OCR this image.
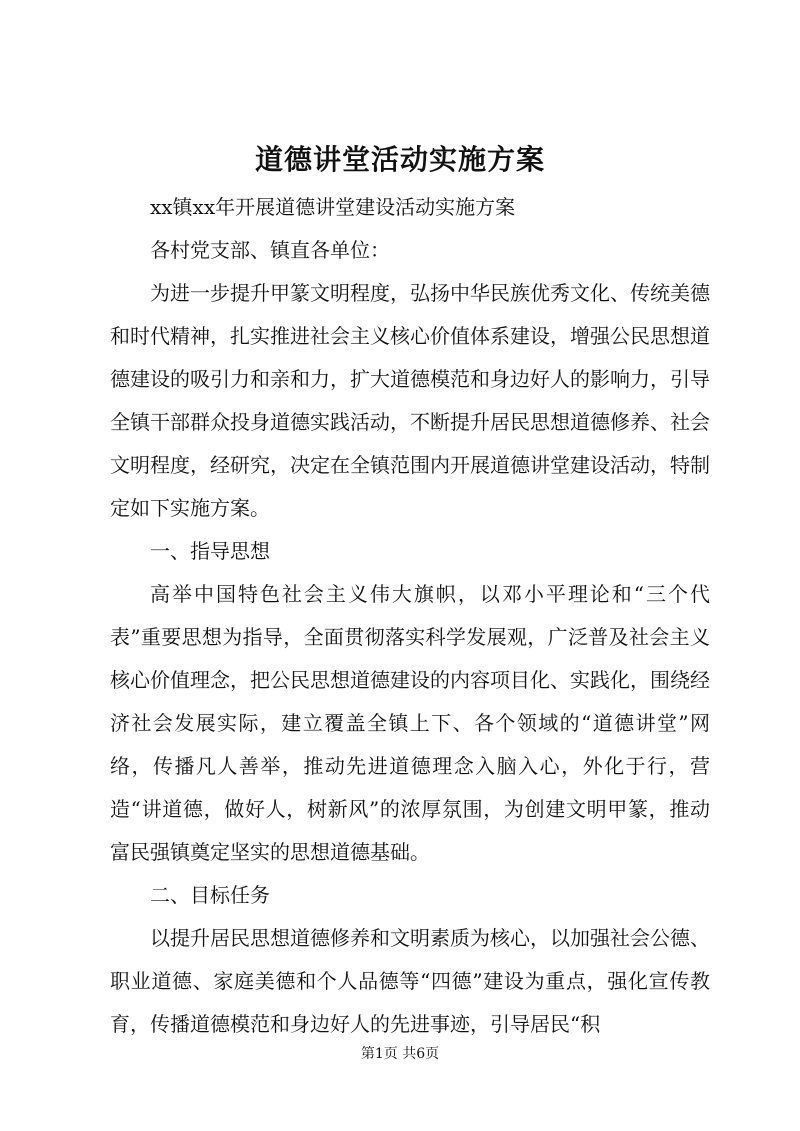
道德讲堂活动实施方案

xx镇xx年开展道德讲堂建设活动实施方案

各村党支部、镇直各单位：

为进一步提升甲篆文明程度，弘扬中华民族优秀文化、传统美德和时代精神，扎实推进社会主义核心价值体系建设，增强公民思想道德建设的吸引力和亲和力，扩大道德模范和身边好人的影响力，引导全镇干部群众投身道德实践活动，不断提升居民思想道德修养、社会文明程度，经研究，决定在全镇范围内开展道德讲堂建设活动，特制定如下实施方案。

一、指导思想

高举中国特色社会主义伟大旗帜，以邓小平理论和“三个代表”重要思想为指导，全面贯彻落实科学发展观，广泛普及社会主义核心价值理念，把公民思想道德建设的内容项目化、实践化，围绕经济社会发展实际，建立覆盖全镇上下、各个领域的“道德讲堂”网络，传播凡人善举，推动先进道德理念入脑入心，外化于行，营造“讲道德，做好人，树新风”的浓厚氛围，为创建文明甲篆，推动富民强镇奠定坚实的思想道德基础。

二、目标任务

以提升居民思想道德修养和文明素质为核心，以加强社会公德、职业道德、家庭美德和个人品德等“四德”建设为重点，强化宣传教育，传播道德模范和身边好人的先进事迹，引导居民“积

第1页 共6页
